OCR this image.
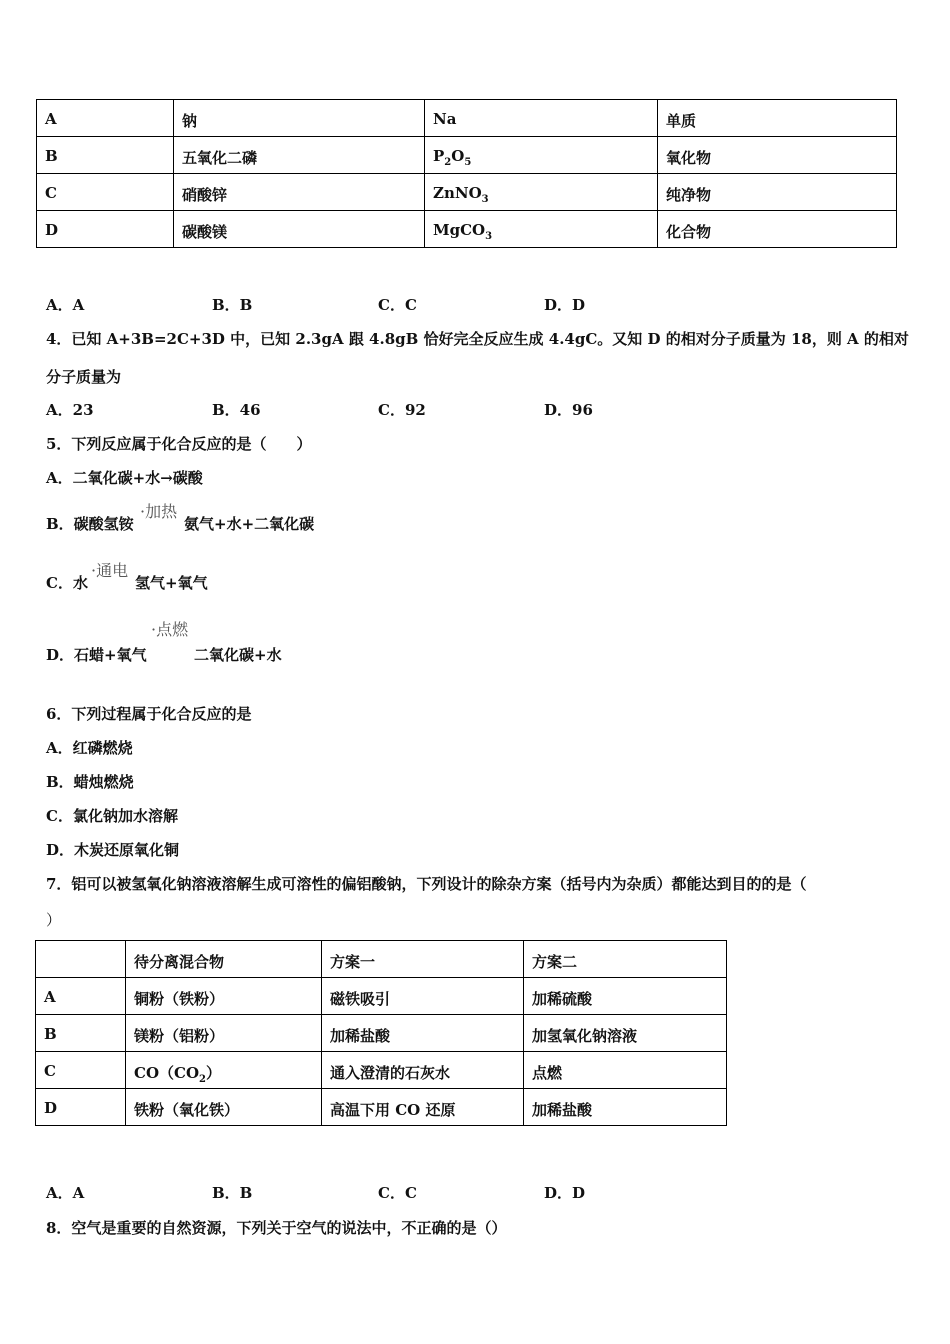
A	钠	Na	单质
B	五氧化二磷	$P_2O_5$	氧化物
C	硝酸锌	ZnNO$_3$	纯净物
D	碳酸镁	MgCO$_3$	化合物
A．A	B．B	C．C	D．D
4．已知 A+3B=2C+3D 中，已知 2.3gA 跟 4.8gB 恰好完全反应生成 4.4gC。又知 D 的相对分子质量为 18，则 A 的相对
分子质量为
A．23	B．46	C．92	D．96
5．下列反应属于化合反应的是（　　）
A．二氧化碳+水→碳酸
B．碳酸氢铵
·加热
氨气+水+二氧化碳
C．水
·通电
氢气+氧气
·点燃
D．石蜡+氧气	二氧化碳+水
6．下列过程属于化合反应的是
A．红磷燃烧
B．蜡烛燃烧
C．氯化钠加水溶解
D．木炭还原氧化铜
7．铝可以被氢氧化钠溶液溶解生成可溶性的偏铝酸钠，下列设计的除杂方案（括号内为杂质）都能达到目的的是（
）
	待分离混合物	方案一	方案二
A	铜粉（铁粉）	磁铁吸引	加稀硫酸
B	镁粉（铝粉）	加稀盐酸	加氢氧化钠溶液
C	$CO(CO_2)$	通入澄清的石灰水	点燃
D	铁粉（氧化铁）	高温下用 CO 还原	加稀盐酸
A．A	B．B	C．C	D．D
8．空气是重要的自然资源，下列关于空气的说法中，不正确的是（）
